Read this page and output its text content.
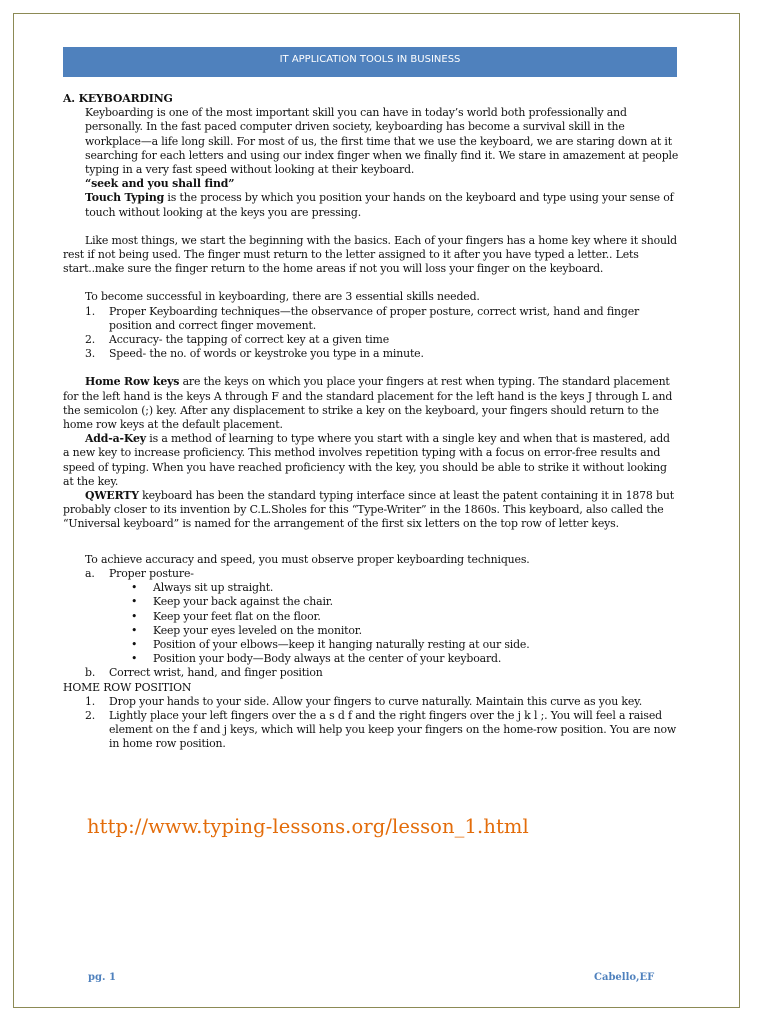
IT APPLICATION TOOLS IN BUSINESS

A. KEYBOARDING

Keyboarding is one of the most important skill you can have in today’s world both professionally and personally. In the fast paced computer driven society, keyboarding has become a survival skill in the workplace—a life long skill. For most of us, the first time that we use the keyboard, we are staring down at it searching for each letters and using our index finger when we finally find it. We stare in amazement at people typing in a very fast speed without looking at their keyboard.

“seek and you shall find”

Touch Typing is the process by which you position your hands on the keyboard and type using your sense of touch without looking at the keys you are pressing.

Like most things, we start the beginning with the basics. Each of your fingers has a home key where it should rest if not being used. The finger must return to the letter assigned to it after you have typed a letter.. Lets start..make sure the finger return to the home areas if not you will loss your finger on the keyboard.

To become successful in keyboarding, there are 3 essential skills needed.

1. Proper Keyboarding techniques—the observance of proper posture, correct wrist, hand and finger position and correct finger movement.
2. Accuracy- the tapping of correct key at a given time
3. Speed- the no. of words or keystroke you type in a minute.

Home Row keys are the keys on which you place your fingers at rest when typing. The standard placement for the left hand is the keys A through F and the standard placement for the left hand is the keys J through L and the semicolon (;) key. After any displacement to strike a key on the keyboard, your fingers should return to the home row keys at the default placement.

Add-a-Key is a method of learning to type where you start with a single key and when that is mastered, add a new key to increase proficiency. This method involves repetition typing with a focus on error-free results and speed of typing. When you have reached proficiency with the key, you should be able to strike it without looking at the key.

QWERTY keyboard has been the standard typing interface since at least the patent containing it in 1878 but probably closer to its invention by C.L.Sholes for this “Type-Writer” in the 1860s. This keyboard, also called the “Universal keyboard” is named for the arrangement of the first six letters on the top row of letter keys.

To achieve accuracy and speed, you must observe proper keyboarding techniques.

a. Proper posture-
• Always sit up straight.
• Keep your back against the chair.
• Keep your feet flat on the floor.
• Keep your eyes leveled on the monitor.
• Position of your elbows—keep it hanging naturally resting at our side.
• Position your body—Body always at the center of your keyboard.
b. Correct wrist, hand, and finger position

HOME ROW POSITION

1. Drop your hands to your side. Allow your fingers to curve naturally. Maintain this curve as you key.
2. Lightly place your left fingers over the a s d f and the right fingers over the j k l ;. You will feel a raised element on the f and j keys, which will help you keep your fingers on the home-row position. You are now in home row position.
http://www.typing-lessons.org/lesson_1.html
pg. 1	Cabello,EF
